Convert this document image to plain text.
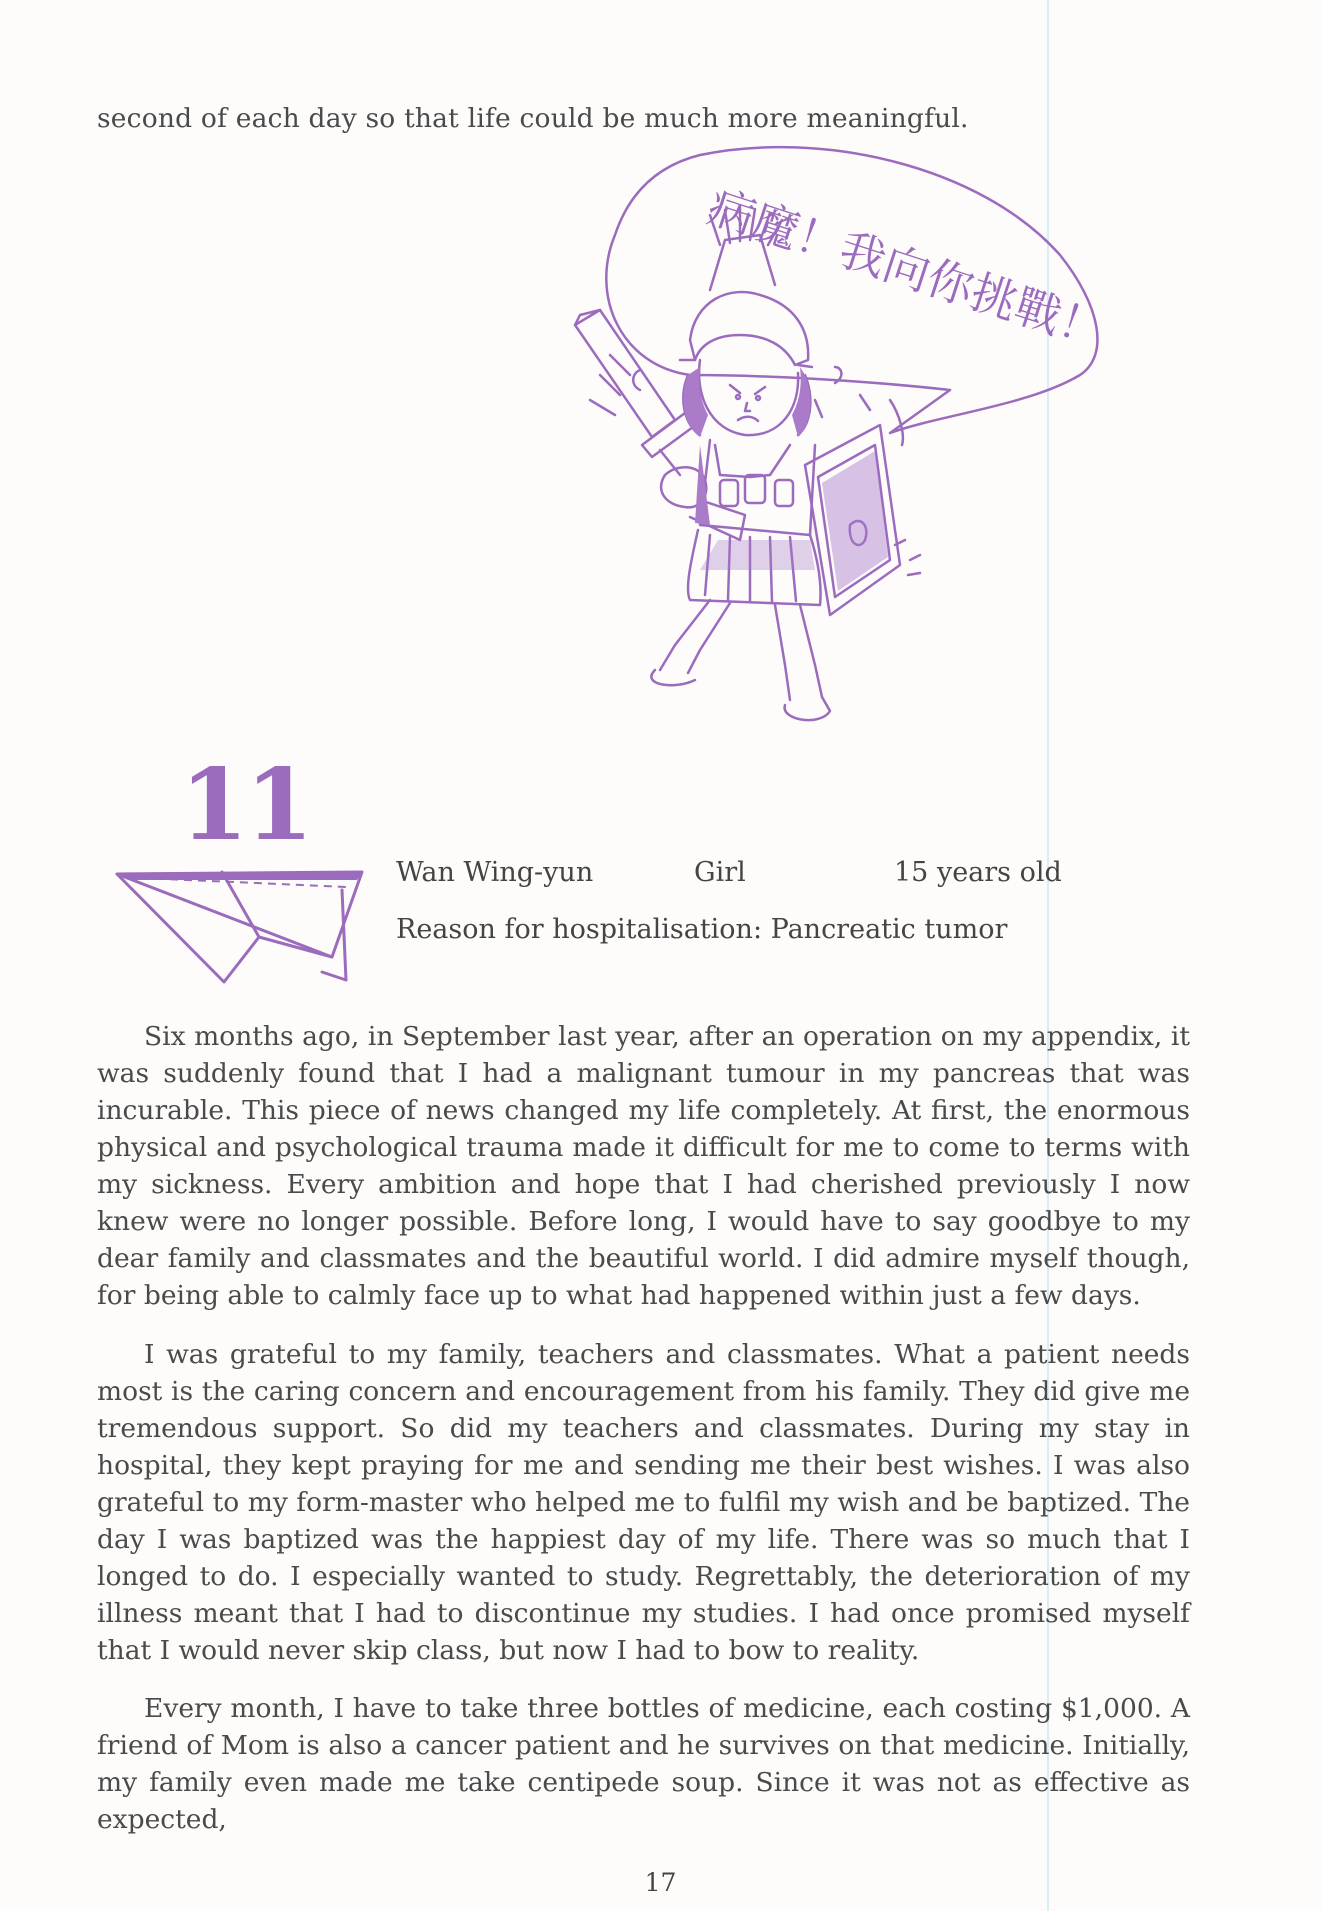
second of each day so that life could be much more meaningful.
病魔！我向你挑戰！
11
Wan Wing-yun	Girl	15 years old
Reason for hospitalisation: Pancreatic tumor

Six months ago, in September last year, after an operation on my appendix, it was suddenly found that I had a malignant tumour in my pancreas that was incurable. This piece of news changed my life completely. At first, the enormous physical and psychological trauma made it difficult for me to come to terms with my sickness. Every ambition and hope that I had cherished previously I now knew were no longer possible. Before long, I would have to say goodbye to my dear family and classmates and the beautiful world. I did admire myself though, for being able to calmly face up to what had happened within just a few days.

I was grateful to my family, teachers and classmates. What a patient needs most is the caring concern and encouragement from his family. They did give me tremendous support. So did my teachers and classmates. During my stay in hospital, they kept praying for me and sending me their best wishes. I was also grateful to my form-master who helped me to fulfil my wish and be baptized. The day I was baptized was the happiest day of my life. There was so much that I longed to do. I especially wanted to study. Regrettably, the deterioration of my illness meant that I had to discontinue my studies. I had once promised myself that I would never skip class, but now I had to bow to reality.

Every month, I have to take three bottles of medicine, each costing $1,000. A friend of Mom is also a cancer patient and he survives on that medicine. Initially, my family even made me take centipede soup. Since it was not as effective as expected,

17
